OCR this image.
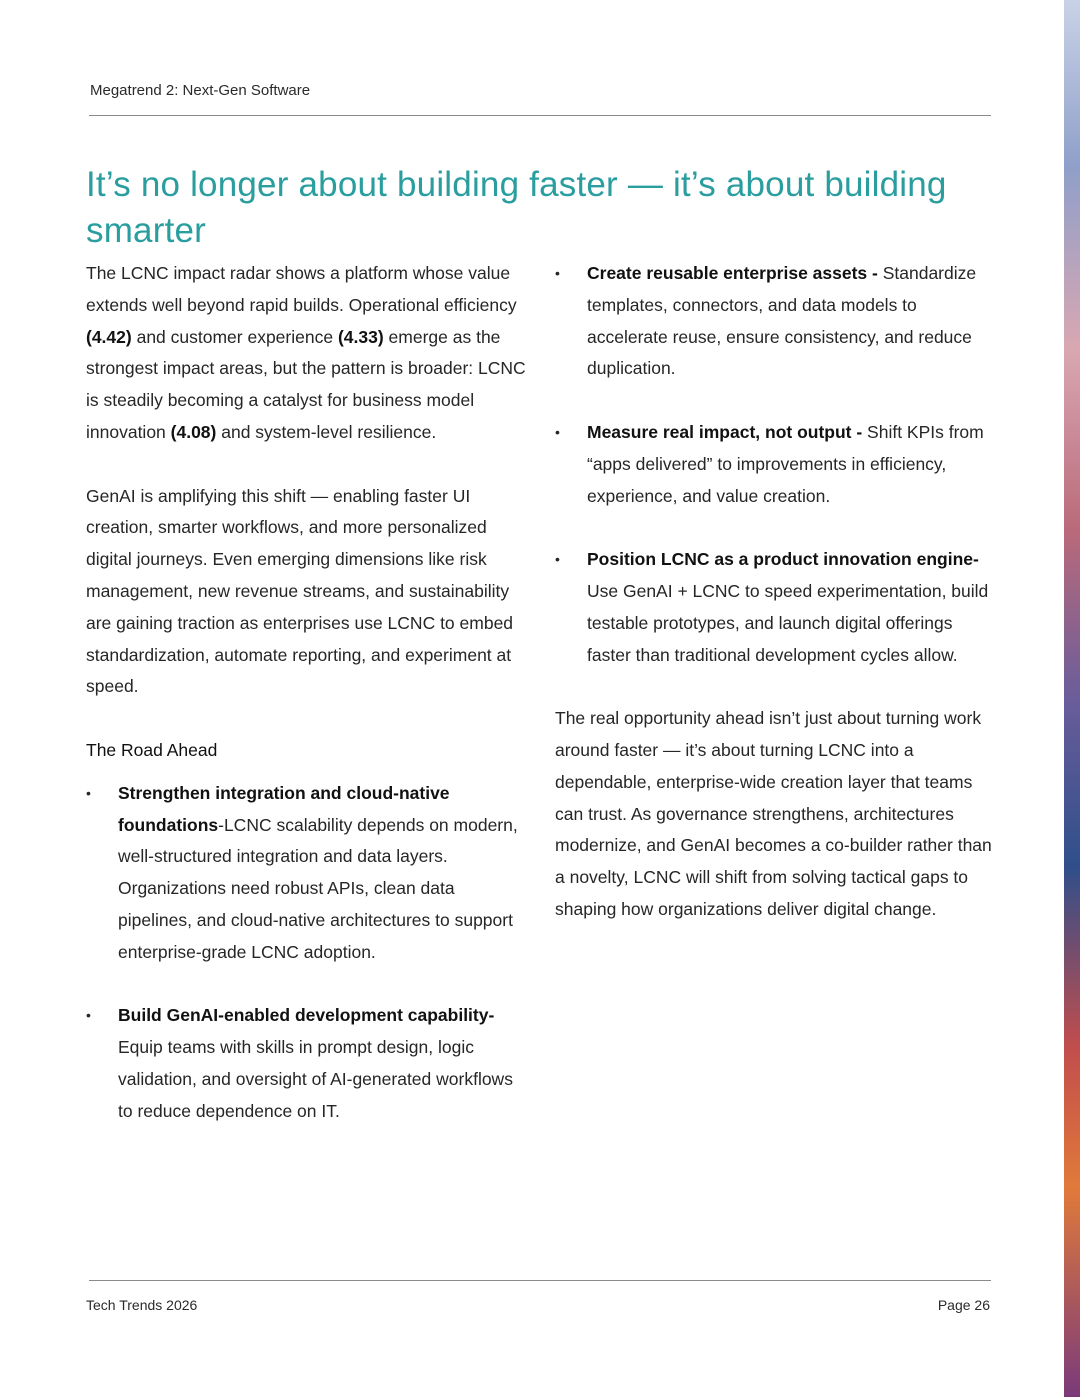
Megatrend 2: Next-Gen Software
It’s no longer about building faster — it’s about building smarter

The LCNC impact radar shows a platform whose value extends well beyond rapid builds. Operational efficiency (4.42) and customer experience (4.33) emerge as the strongest impact areas, but the pattern is broader: LCNC is steadily becoming a catalyst for business model innovation (4.08) and system-level resilience.

GenAI is amplifying this shift — enabling faster UI creation, smarter workflows, and more personalized digital journeys. Even emerging dimensions like risk management, new revenue streams, and sustainability are gaining traction as enterprises use LCNC to embed standardization, automate reporting, and experiment at speed.

The Road Ahead
• Strengthen integration and cloud-native foundations-LCNC scalability depends on modern, well-structured integration and data layers. Organizations need robust APIs, clean data pipelines, and cloud-native architectures to support enterprise-grade LCNC adoption.
• Build GenAI-enabled development capability- Equip teams with skills in prompt design, logic validation, and oversight of AI-generated workflows to reduce dependence on IT.
• Create reusable enterprise assets - Standardize templates, connectors, and data models to accelerate reuse, ensure consistency, and reduce duplication.
• Measure real impact, not output - Shift KPIs from “apps delivered” to improvements in efficiency, experience, and value creation.
• Position LCNC as a product innovation engine- Use GenAI + LCNC to speed experimentation, build testable prototypes, and launch digital offerings faster than traditional development cycles allow.

The real opportunity ahead isn’t just about turning work around faster — it’s about turning LCNC into a dependable, enterprise-wide creation layer that teams can trust. As governance strengthens, architectures modernize, and GenAI becomes a co-builder rather than a novelty, LCNC will shift from solving tactical gaps to shaping how organizations deliver digital change.

Tech Trends 2026	Page 26
